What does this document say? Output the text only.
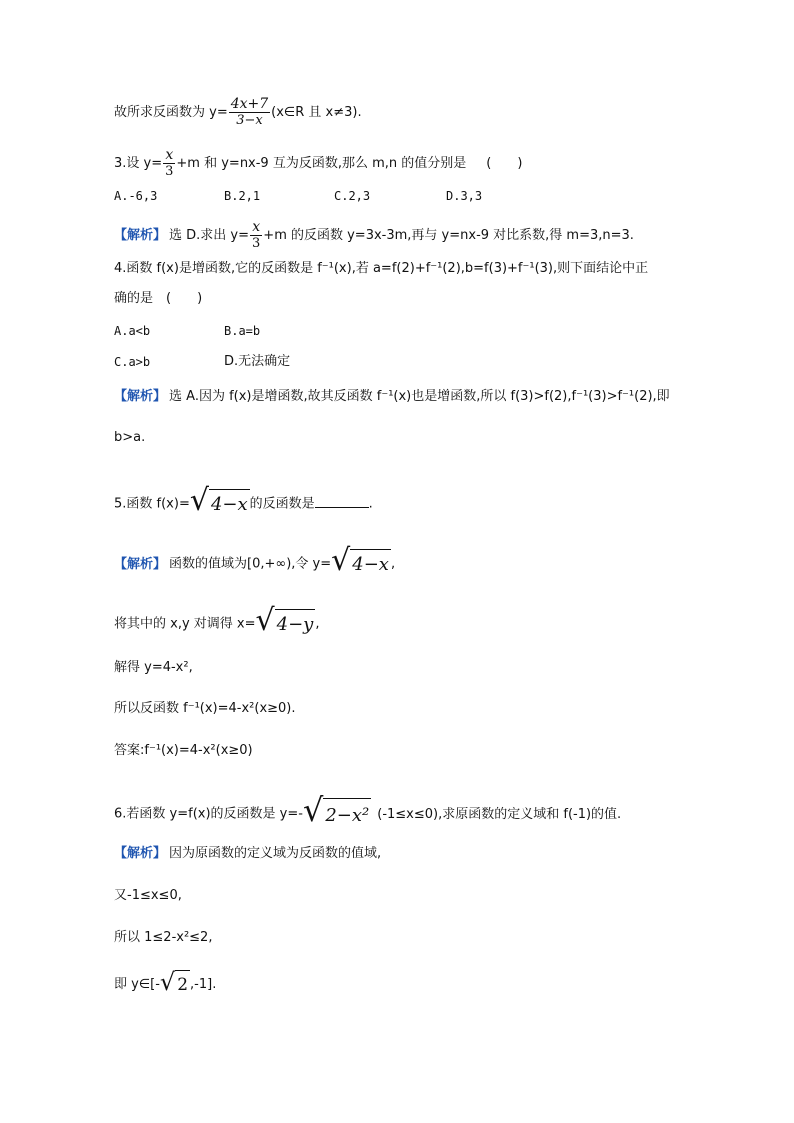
故所求反函数为 $y= \frac{4x+7}{3-x}$ (x∈R 且 x≠3).
3.设 $y= \frac{x}{3} +m$ 和 y=nx-9 互为反函数,那么 m,n 的值分别是 (　　)
A.-6,3	B.2,1	C.2,3	D.3,3
【解析】 选 D.求出 $y= \frac{x}{3} +m$ 的反函数 y=3x-3m,再与 y=nx-9 对比系数,得 m=3,n=3.
4.函数 f(x)是增函数,它的反函数是 f⁻¹(x),若 a=f(2)+f⁻¹(2),b=f(3)+f⁻¹(3),则下面结论中正
确的是　(　　)
A.a<b	B.a=b
C.a>b	D.无法确定
【解析】 选 A.因为 f(x)是增函数,故其反函数 f⁻¹(x)也是增函数,所以 f(3)>f(2),f⁻¹(3)>f⁻¹(2),即
b>a.
5.函数 f(x)=√ 4−x 的反函数是	.
【解析】 函数的值域为[0,+∞),令 y=√ 4−x ,
将其中的 x,y 对调得 x=√ 4−y ,
解得 y=4-x²,
所以反函数 f⁻¹(x)=4-x²(x≥0).
答案:f⁻¹(x)=4-x²(x≥0)
6.若函数 y=f(x)的反函数是 y=-√ 2−x² (-1≤x≤0),求原函数的定义域和 f(-1)的值.
【解析】 因为原函数的定义域为反函数的值域,
又-1≤x≤0,
所以 1≤2-x²≤2,
即 y∈[-√ 2 ,-1].
